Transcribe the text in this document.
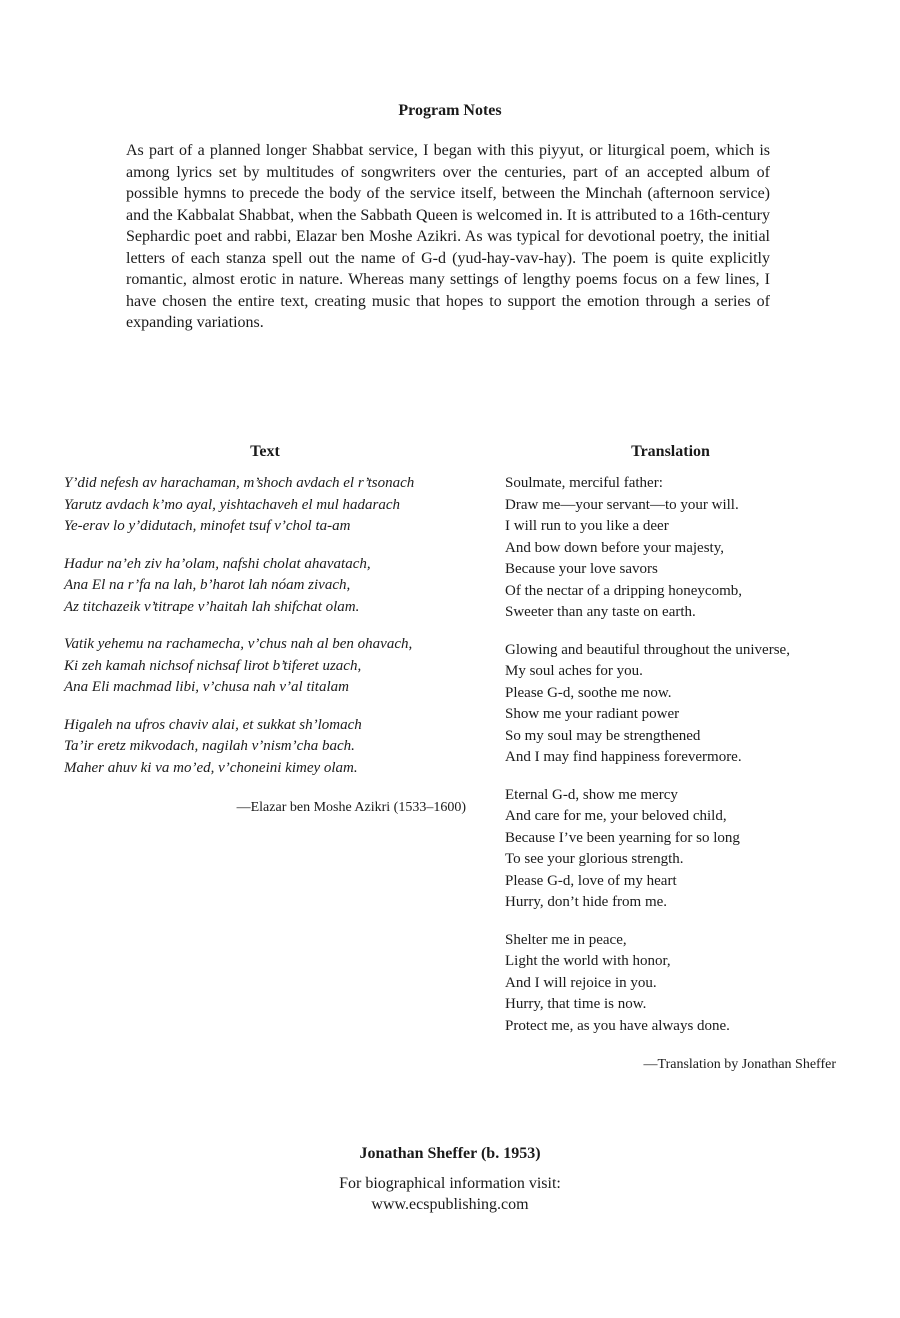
Program Notes
As part of a planned longer Shabbat service, I began with this piyyut, or liturgical poem, which is among lyrics set by multitudes of songwriters over the centuries, part of an accepted album of possible hymns to precede the body of the service itself, between the Minchah (afternoon service) and the Kabbalat Shabbat, when the Sabbath Queen is welcomed in. It is attributed to a 16th-century Sephardic poet and rabbi, Elazar ben Moshe Azikri. As was typical for devotional poetry, the initial letters of each stanza spell out the name of G-d (yud-hay-vav-hay). The poem is quite explicitly romantic, almost erotic in nature. Whereas many settings of lengthy poems focus on a few lines, I have chosen the entire text, creating music that hopes to support the emotion through a series of expanding variations.
Text	Translation
Y’did nefesh av harachaman, m’shoch avdach el r’tsonach
Yarutz avdach k’mo ayal, yishtachaveh el mul hadarach
Ye-erav lo y’didutach, minofet tsuf v’chol ta-am
Hadur na’eh ziv ha’olam, nafshi cholat ahavatach,
Ana El na r’fa na lah, b’harot lah nóam zivach,
Az titchazeik v’titrape v’haitah lah shifchat olam.
Vatik yehemu na rachamecha, v’chus nah al ben ohavach,
Ki zeh kamah nichsof nichsaf lirot b’tiferet uzach,
Ana Eli machmad libi, v’chusa nah v’al titalam
Higaleh na ufros chaviv alai, et sukkat sh’lomach
Ta’ir eretz mikvodach, nagilah v’nism’cha bach.
Maher ahuv ki va mo’ed, v’choneini kimey olam.
—Elazar ben Moshe Azikri (1533–1600)
Soulmate, merciful father:
Draw me—your servant—to your will.
I will run to you like a deer
And bow down before your majesty,
Because your love savors
Of the nectar of a dripping honeycomb,
Sweeter than any taste on earth.
Glowing and beautiful throughout the universe,
My soul aches for you.
Please G-d, soothe me now.
Show me your radiant power
So my soul may be strengthened
And I may find happiness forevermore.
Eternal G-d, show me mercy
And care for me, your beloved child,
Because I’ve been yearning for so long
To see your glorious strength.
Please G-d, love of my heart
Hurry, don’t hide from me.
Shelter me in peace,
Light the world with honor,
And I will rejoice in you.
Hurry, that time is now.
Protect me, as you have always done.
—Translation by Jonathan Sheffer
Jonathan Sheffer (b. 1953)
For biographical information visit:
www.ecspublishing.com
